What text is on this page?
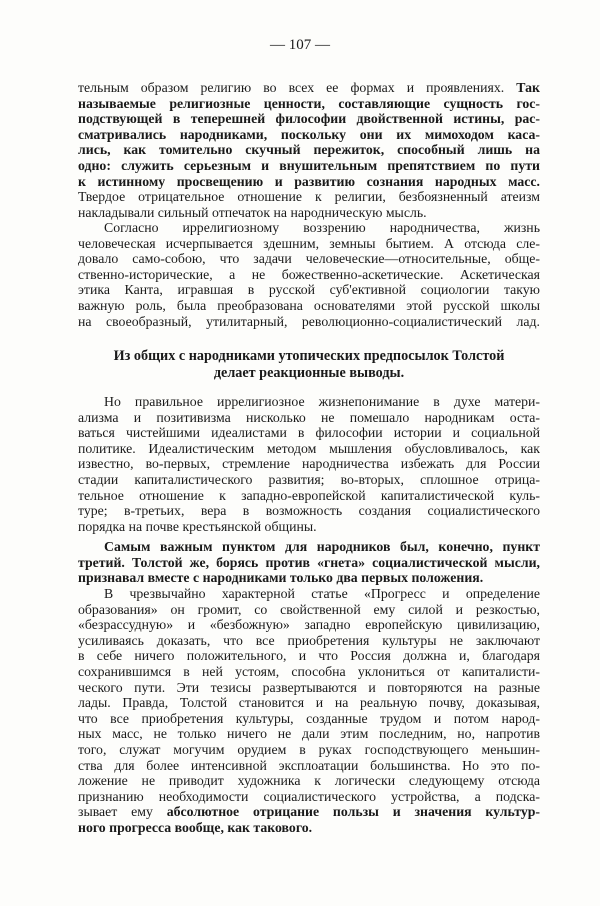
— 107 —
тельным образом религию во всех ее формах и проявлениях. Так
называемые религиозные ценности, составляющие сущность гос-
подствующей в теперешней философии двойственной истины, рас-
сматривались народниками, поскольку они их мимоходом каса-
лись, как томительно скучный пережиток, способный лишь на
одно: служить серьезным и внушительным препятствием по пути
к истинному просвещению и развитию сознания народных масс.
Твердое отрицательное отношение к религии, безбоязненный атеизм
накладывали сильный отпечаток на народническую мысль.
Согласно иррелигиозному воззрению народничества, жизнь
человеческая исчерпывается здешним, земныы бытием. А отсюда сле-
довало само-собою, что задачи человеческие—относительные, обще-
ственно-исторические, а не божественно-аскетические. Аскетическая
этика Канта, игравшая в русской суб'ективной социологии такую
важную роль, была преобразована основателями этой русской школы
на своеобразный, утилитарный, революционно-социалистический лад.
Из общих с народниками утопических предпосылок Толстой
делает реакционные выводы.
Но правильное иррелигиозное жизнепонимание в духе матери-
ализма и позитивизма нисколько не помешало народникам оста-
ваться чистейшими идеалистами в философии истории и социальной
политике. Идеалистическим методом мышления обусловливалось, как
известно, во-первых, стремление народничества избежать для России
стадии капиталистического развития; во-вторых, сплошное отрица-
тельное отношение к западно-европейской капиталистической куль-
туре; в-третьих, вера в возможность создания социалистического
порядка на почве крестьянской общины.
Самым важным пунктом для народников был, конечно, пункт
третий. Толстой же, борясь против «гнета» социалистической мысли,
признавал вместе с народниками только два первых положения.
В чрезвычайно характерной статье «Прогресс и определение
образования» он громит, со свойственной ему силой и резкостью,
«безрассудную» и «безбожную» западно европейскую цивилизацию,
усиливаясь доказать, что все приобретения культуры не заключают
в себе ничего положительного, и что Россия должна и, благодаря
сохранившимся в ней устоям, способна уклониться от капиталисти-
ческого пути. Эти тезисы развертываются и повторяются на разные
лады. Правда, Толстой становится и на реальную почву, доказывая,
что все приобретения культуры, созданные трудом и потом народ-
ных масс, не только ничего не дали этим последним, но, напротив
того, служат могучим орудием в руках господствующего меньшин-
ства для более интенсивной эксплоатации большинства. Но это по-
ложение не приводит художника к логически следующему отсюда
признанию необходимости социалистического устройства, а подска-
зывает ему абсолютное отрицание пользы и значения культур-
ного прогресса вообще, как такового.
